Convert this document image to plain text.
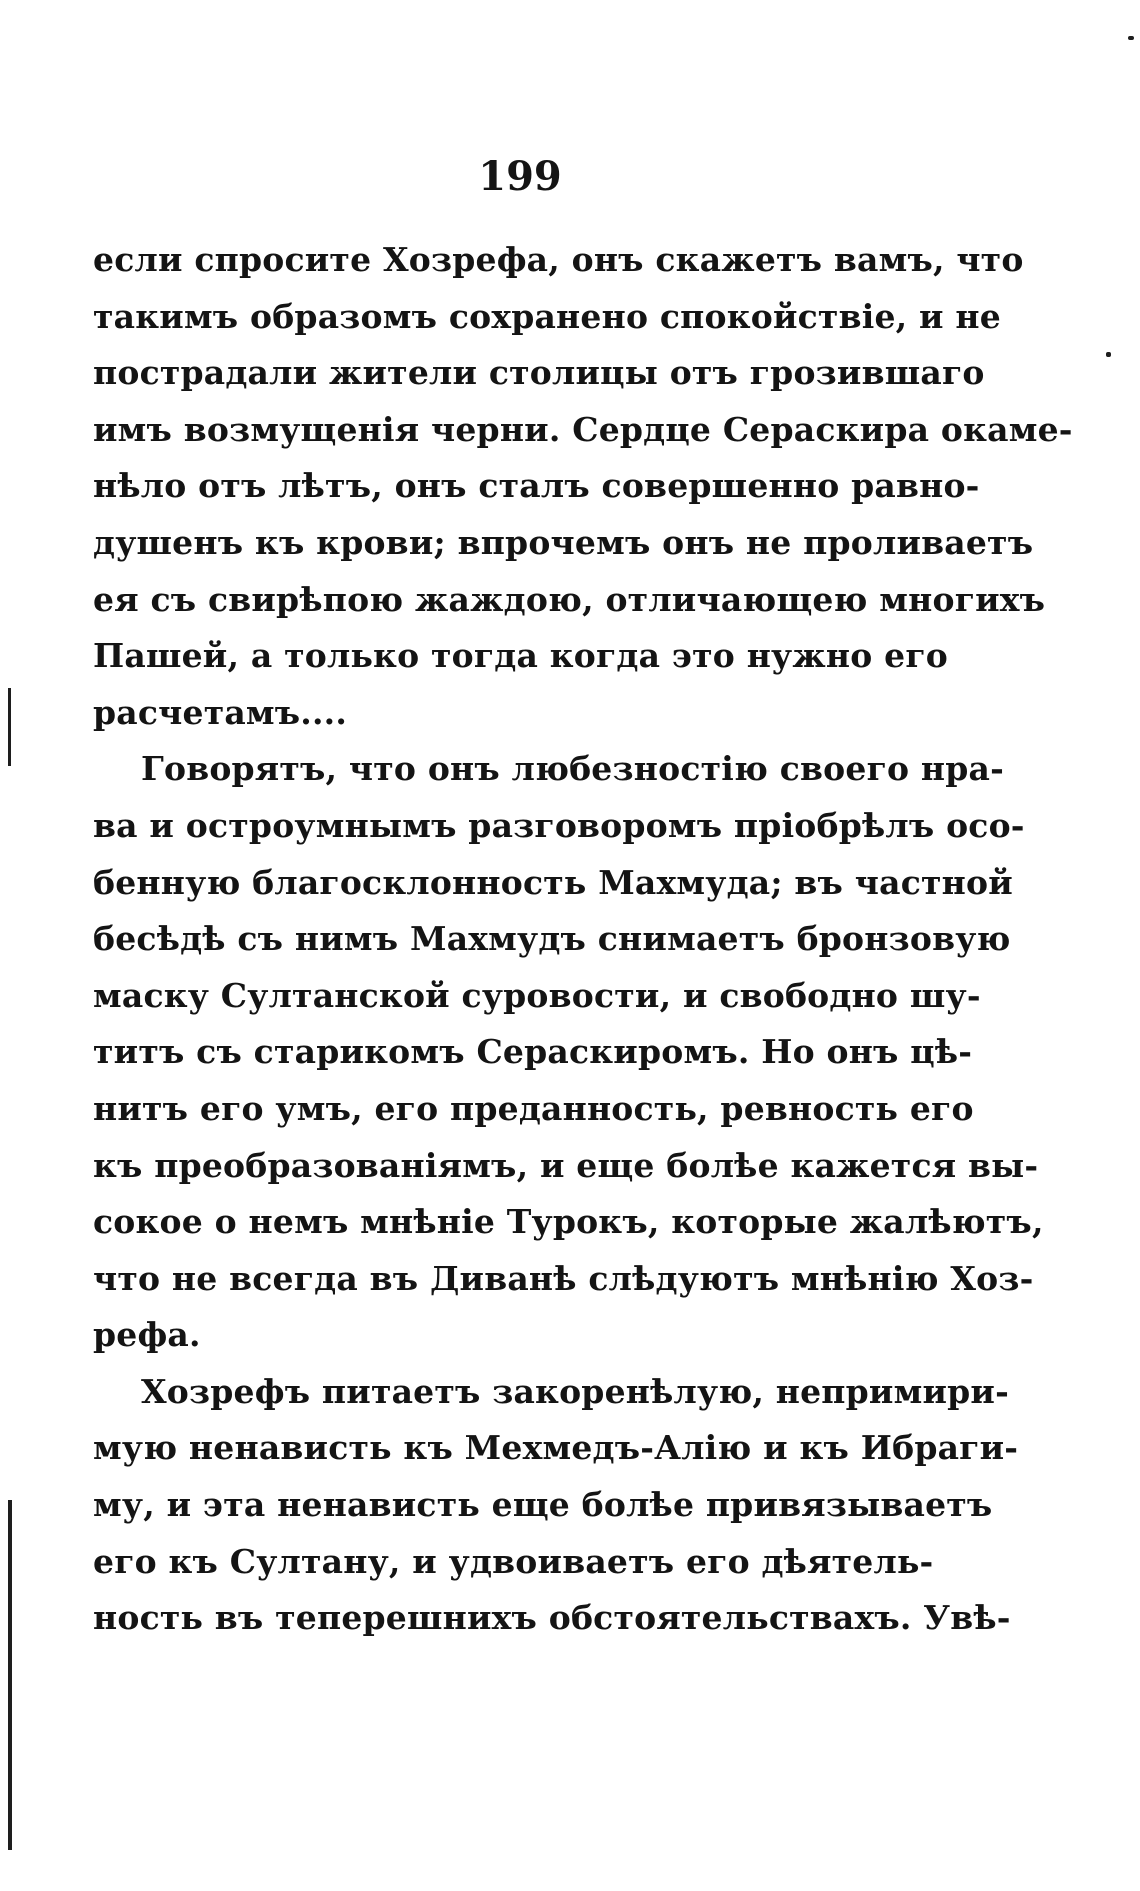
199
если спросите Хозрефа, онъ скажетъ вамъ, что
такимъ образомъ сохранено спокойствіе, и не
пострадали жители столицы отъ грозившаго
имъ возмущенія черни. Сердце Сераскира окаме-
нѣло отъ лѣтъ, онъ сталъ совершенно равно-
душенъ къ крови; впрочемъ онъ не проливаетъ
ея съ свирѣпою жаждою, отличающею многихъ
Пашей, а только тогда когда это нужно его
расчетамъ....
Говорятъ, что онъ любезностію своего нра-
ва и остроумнымъ разговоромъ пріобрѣлъ осо-
бенную благосклонность Махмуда; въ частной
бесѣдѣ съ нимъ Махмудъ снимаетъ бронзовую
маску Султанской суровости, и свободно шу-
титъ съ старикомъ Сераскиромъ. Но онъ цѣ-
нитъ его умъ, его преданность, ревность его
къ преобразованіямъ, и еще болѣе кажется вы-
сокое о немъ мнѣніе Турокъ, которые жалѣютъ,
что не всегда въ Диванѣ слѣдуютъ мнѣнію Хоз-
рефа.
Хозрефъ питаетъ закоренѣлую, непримири-
мую ненависть къ Мехмедъ-Алію и къ Ибраги-
му, и эта ненависть еще болѣе привязываетъ
его къ Султану, и удвоиваетъ его дѣятель-
ность въ теперешнихъ обстоятельствахъ. Увѣ-
